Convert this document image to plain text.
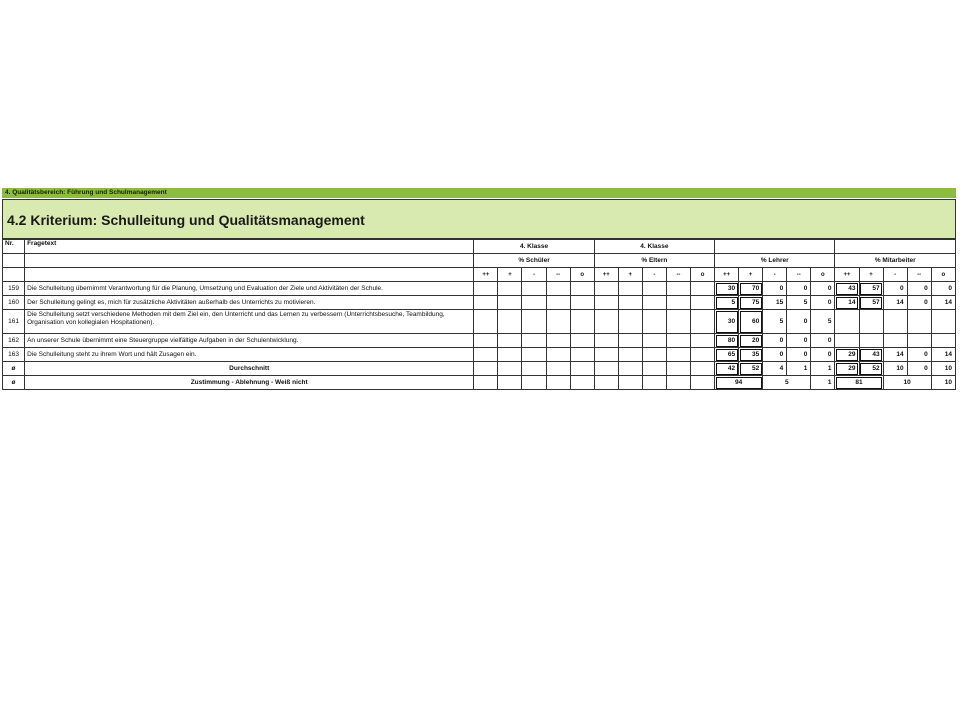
4. Qualitätsbereich: Führung und Schulmanagement
4.2 Kriterium: Schulleitung und Qualitätsmanagement
Nr.	Fragetext	4. Klasse					4. Klasse														
		% Schüler					% Eltern					% Lehrer					% Mitarbeiter				
		++	+	-	--	o	++	+	-	--	o	++	+	-	--	o	++	+	-	--	o
159	Die Schulleitung übernimmt Verantwortung für die Planung, Umsetzung und Evaluation der Ziele und Aktivitäten der Schule.											30	70	0	0	0	43	57	0	0	0
160	Der Schulleitung gelingt es, mich für zusätzliche Aktivitäten außerhalb des Unterrichts zu motivieren.											5	75	15	5	0	14	57	14	0	14
161	Die Schulleitung setzt verschiedene Methoden mit dem Ziel ein, den Unterricht und das Lernen zu verbessern (Unterrichtsbesuche, Teambildung, Organisation von kollegialen Hospitationen).											30	60	5	0	5					
162	An unserer Schule übernimmt eine Steuergruppe vielfältige Aufgaben in der Schulentwicklung.											80	20	0	0	0					
163	Die Schulleitung steht zu ihrem Wort und hält Zusagen ein.											65	35	0	0	0	29	43	14	0	14
ø	Durchschnitt											42	52	4	1	1	29	52	10	0	10
ø	Zustimmung - Ablehnung - Weiß nicht											94		5		1	81		10		10
